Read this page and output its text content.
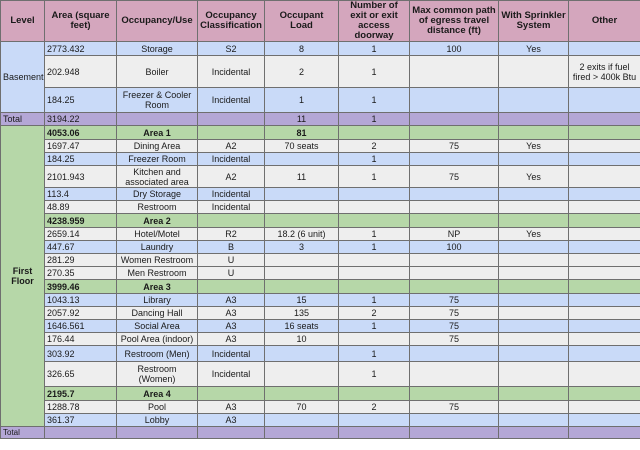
Level	Area (square feet)	Occupancy/Use	Occupancy Classification	Occupant Load	Number of exit or exit access doorway	Max common path of egress travel distance (ft)	With Sprinkler System	Other
Basement	2773.432	Storage	S2	8	1	100	Yes	
	202.948	Boiler	Incidental	2	1			2 exits if fuel fired > 400k Btu
	184.25	Freezer & Cooler Room	Incidental	1	1			
Total	3194.22			11	1			
First Floor	4053.06	Area 1		81				
	1697.47	Dining Area	A2	70 seats	2	75	Yes	
	184.25	Freezer Room	Incidental		1			
	2101.943	Kitchen and associated area	A2	11	1	75	Yes	
	113.4	Dry Storage	Incidental					
	48.89	Restroom	Incidental					
	4238.959	Area 2						
	2659.14	Hotel/Motel	R2	18.2 (6 unit)	1	NP	Yes	
	447.67	Laundry	B	3	1	100		
	281.29	Women Restroom	U					
	270.35	Men Restroom	U					
	3999.46	Area 3						
	1043.13	Library	A3	15	1	75		
	2057.92	Dancing Hall	A3	135	2	75		
	1646.561	Social Area	A3	16 seats	1	75		
	176.44	Pool Area (indoor)	A3	10		75		
	303.92	Restroom (Men)	Incidental		1			
	326.65	Restroom (Women)	Incidental		1			
	2195.7	Area 4						
	1288.78	Pool	A3	70	2	75		
	361.37	Lobby	A3					
Total								
